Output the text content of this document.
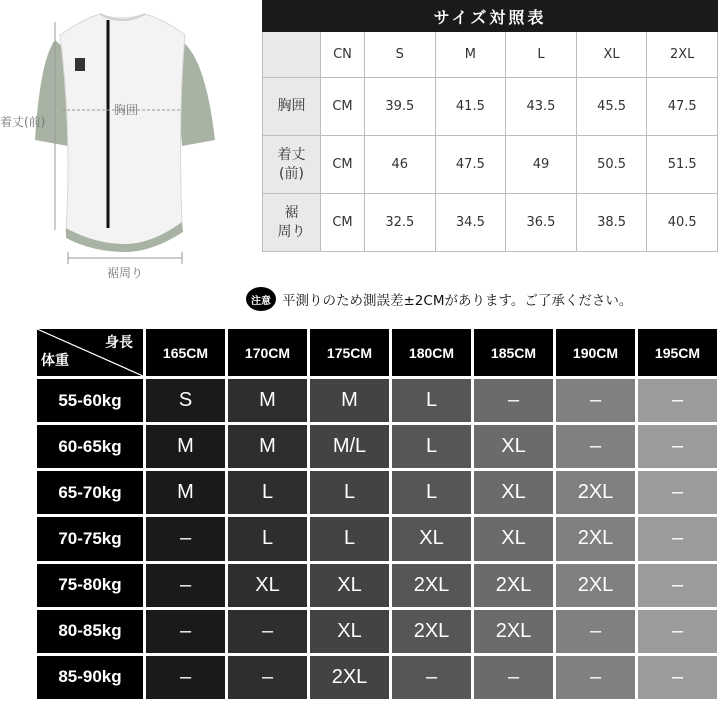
着丈(前)
胸囲
裾周り
サイズ対照表						
	CN	S	M	L	XL	2XL
胸囲	CM	39.5	41.5	43.5	45.5	47.5
着丈
(前)	CM	46	47.5	49	50.5	51.5
裾
周り	CM	32.5	34.5	36.5	38.5	40.5
注意 平測りのため測誤差±2CMがあります。ご了承ください。
身長
体重	165CM	170CM	175CM	180CM	185CM	190CM	195CM
55-60kg	S	M	M	L	–	–	–
60-65kg	M	M	M/L	L	XL	–	–
65-70kg	M	L	L	L	XL	2XL	–
70-75kg	–	L	L	XL	XL	2XL	–
75-80kg	–	XL	XL	2XL	2XL	2XL	–
80-85kg	–	–	XL	2XL	2XL	–	–
85-90kg	–	–	2XL	–	–	–	–
